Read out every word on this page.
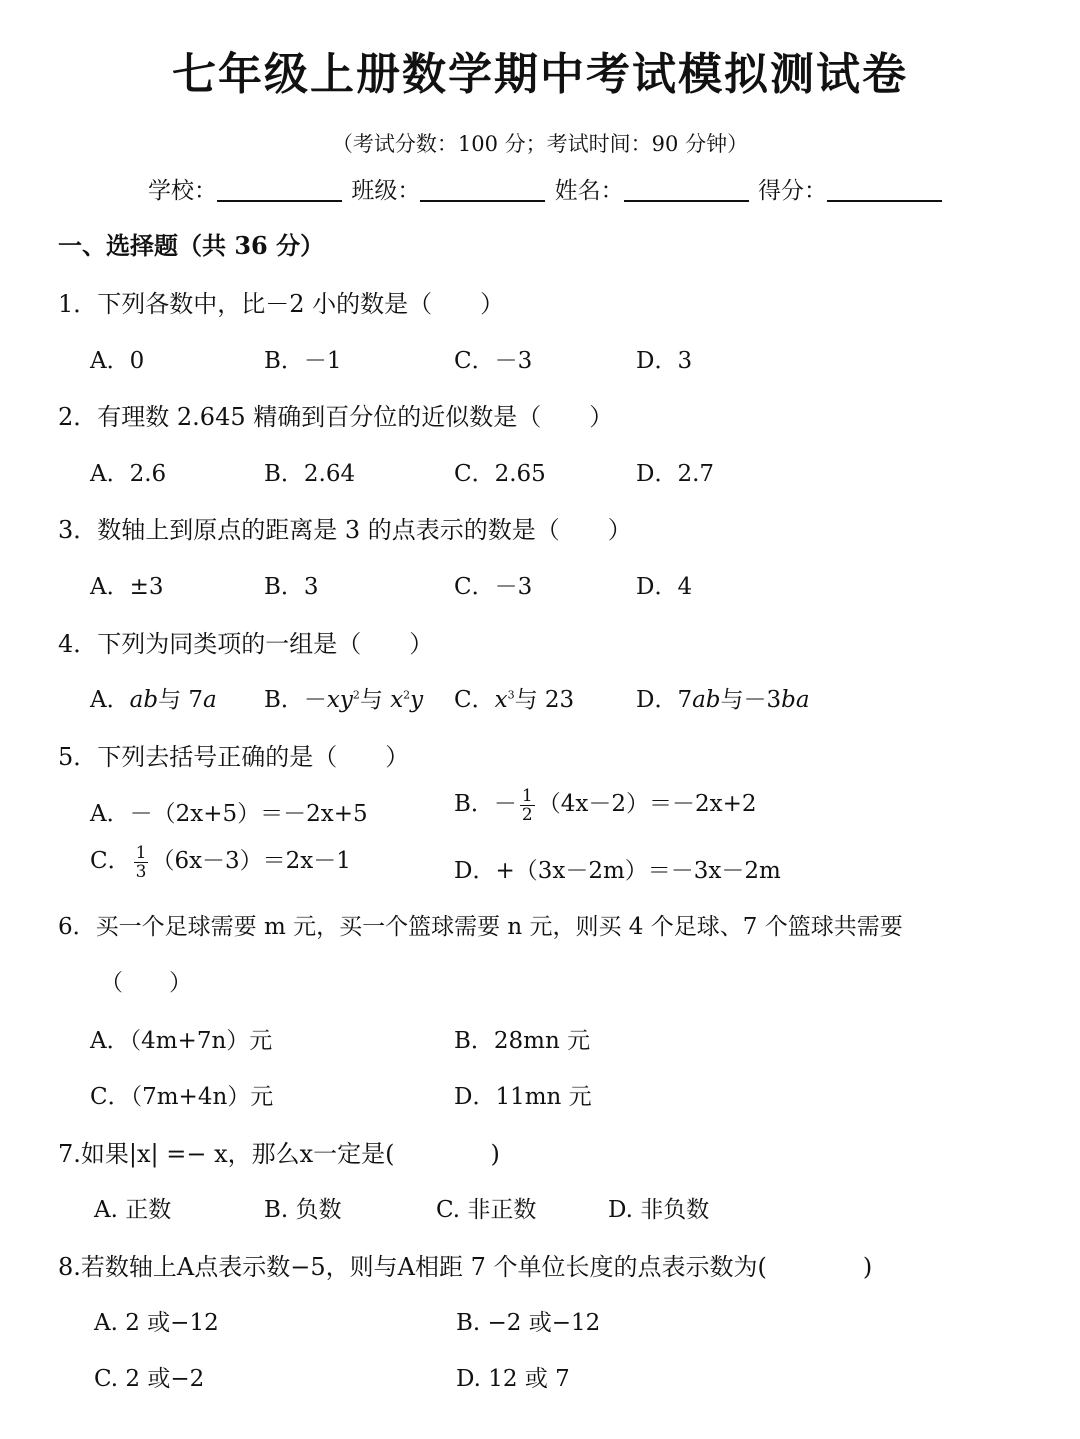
七年级上册数学期中考试模拟测试卷
（考试分数：100 分；考试时间：90 分钟）
学校：	班级：	姓名：	得分：
一、选择题（共 36 分）
1．下列各数中，比－2 小的数是（　　）
A．0	B．－1	C．－3	D．3
2．有理数 2.645 精确到百分位的近似数是（　　）
A．2.6	B．2.64	C．2.65	D．2.7
3．数轴上到原点的距离是 3 的点表示的数是（　　）
A．±3	B．3	C．－3	D．4
4．下列为同类项的一组是（　　）
A．ab与 7a B．$-xy^2$与 $x^2y$ C．$x^3$与 23	D．7ab与－3ba
5．下列去括号正确的是（　　）
A．－（2x+5）＝－2x+5	B．－ $\frac{1}{2} (4x-2)=-2x+2$
C． $\frac{1}{3} (6x-3)=2x-1$	D．+（3x－2m）＝－3x－2m
6．买一个足球需要 m 元，买一个篮球需要 n 元，则买 4 个足球、7 个篮球共需要
（　　）
A．（4m+7n）元	B．28mn 元
C．（7m+4n）元	D．11mn 元
7.如果|x| =− x，那么x一定是(　　　　)
A. 正数	B. 负数	C. 非正数	D. 非负数
8.若数轴上A点表示数−5，则与A相距 7 个单位长度的点表示数为(　　　　)
A. 2 或−12	B. −2 或−12
C. 2 或−2	D. 12 或 7
